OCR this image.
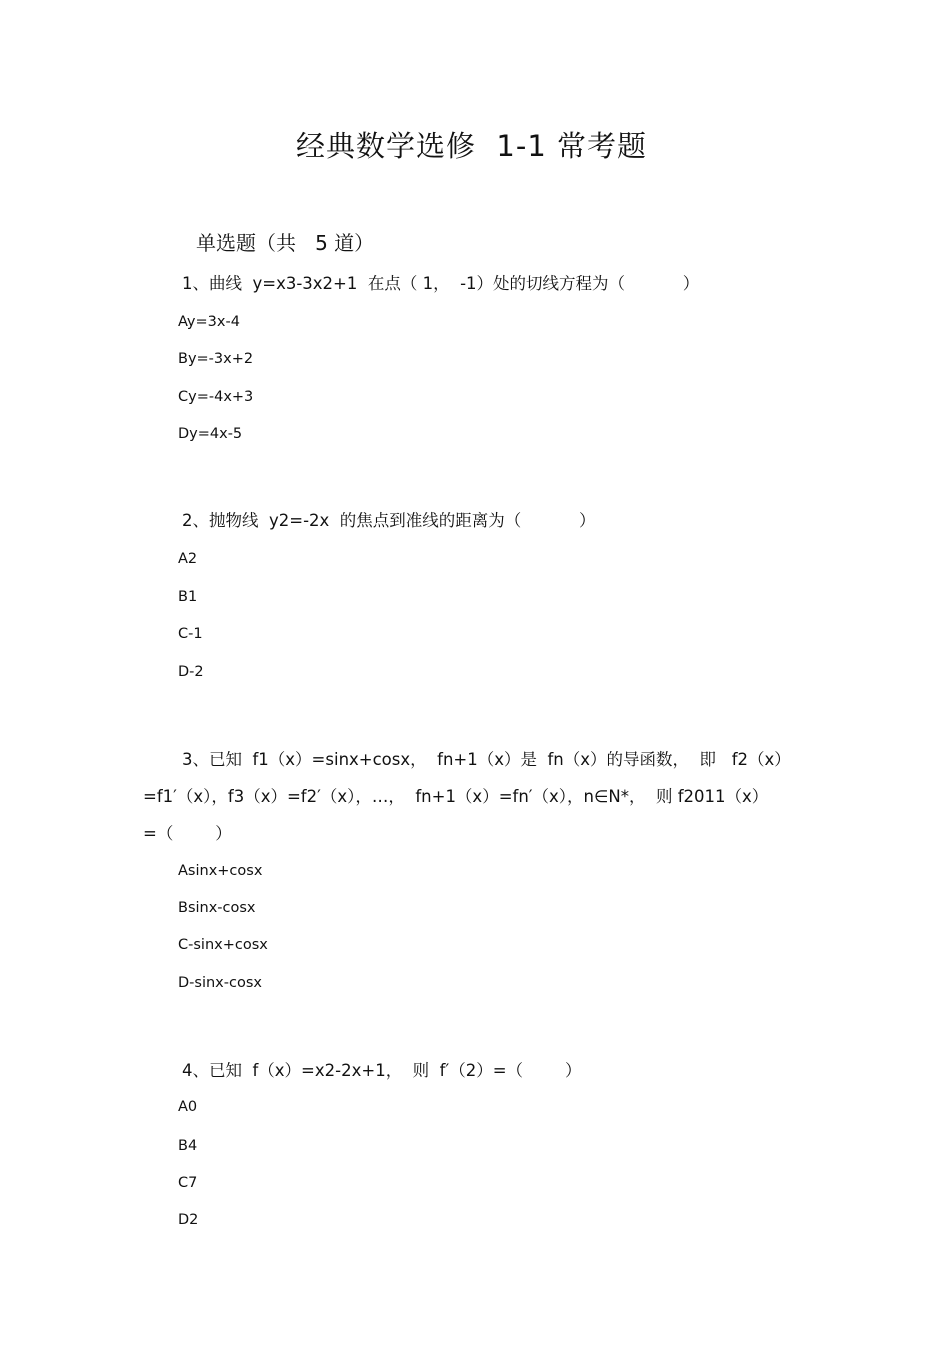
经典数学选修  1-1 常考题
单选题（共   5 道）
1、曲线  y=x3-3x2+1  在点（ 1，  -1）处的切线方程为（           ）
Ay=3x-4
By=-3x+2
Cy=-4x+3
Dy=4x-5
2、抛物线  y2=-2x  的焦点到准线的距离为（           ）
A2
B1
C-1
D-2
3、已知  f1（x）=sinx+cosx，  fn+1（x）是  fn（x）的导函数，  即   f2（x）
=f1′（x），f3（x）=f2′（x），…，  fn+1（x）=fn′（x），n∈N*，  则 f2011（x）
=（        ）
Asinx+cosx
Bsinx-cosx
C-sinx+cosx
D-sinx-cosx
4、已知  f（x）=x2-2x+1，  则  f′（2）=（        ）
A0
B4
C7
D2
